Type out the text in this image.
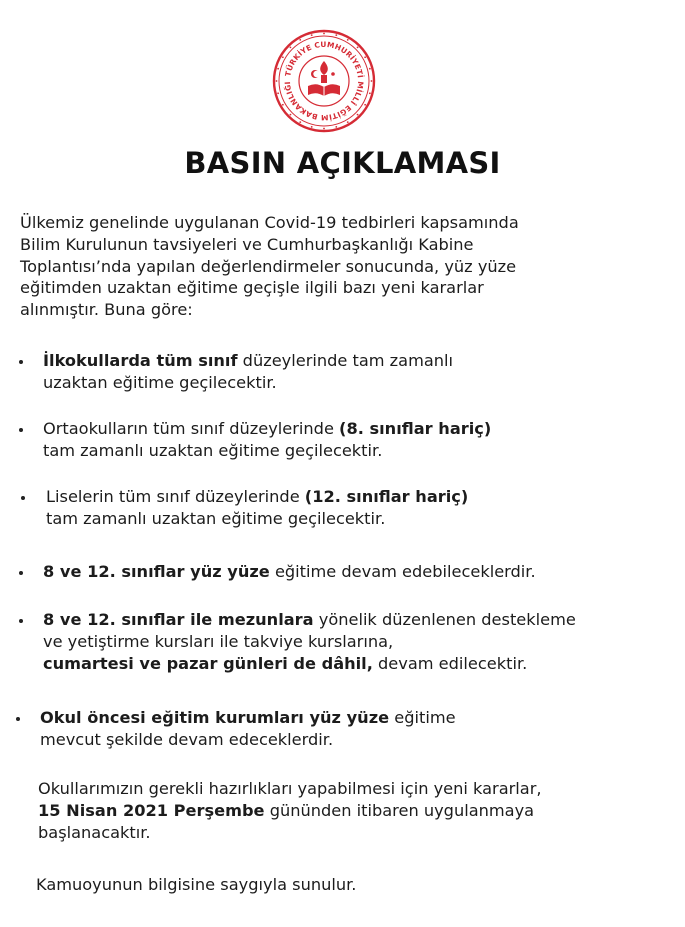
TÜRKİYE CUMHURİYETİ MİLLÎ EĞİTİM BAKANLIĞI
BASIN AÇIKLAMASI
Ülkemiz genelinde uygulanan Covid-19 tedbirleri kapsamında
Bilim Kurulunun tavsiyeleri ve Cumhurbaşkanlığı Kabine
Toplantısı’nda yapılan değerlendirmeler sonucunda, yüz yüze
eğitimden uzaktan eğitime geçişle ilgili bazı yeni kararlar
alınmıştır. Buna göre:
İlkokullarda tüm sınıf düzeylerinde tam zamanlı
uzaktan eğitime geçilecektir.
Ortaokulların tüm sınıf düzeylerinde (8. sınıflar hariç)
tam zamanlı uzaktan eğitime geçilecektir.
Liselerin tüm sınıf düzeylerinde (12. sınıflar hariç)
tam zamanlı uzaktan eğitime geçilecektir.
8 ve 12. sınıflar yüz yüze eğitime devam edebileceklerdir.
8 ve 12. sınıflar ile mezunlara yönelik düzenlenen destekleme
ve yetiştirme kursları ile takviye kurslarına,
cumartesi ve pazar günleri de dâhil, devam edilecektir.
Okul öncesi eğitim kurumları yüz yüze eğitime
mevcut şekilde devam edeceklerdir.
Okullarımızın gerekli hazırlıkları yapabilmesi için yeni kararlar,
15 Nisan 2021 Perşembe gününden itibaren uygulanmaya
başlanacaktır.
Kamuoyunun bilgisine saygıyla sunulur.
